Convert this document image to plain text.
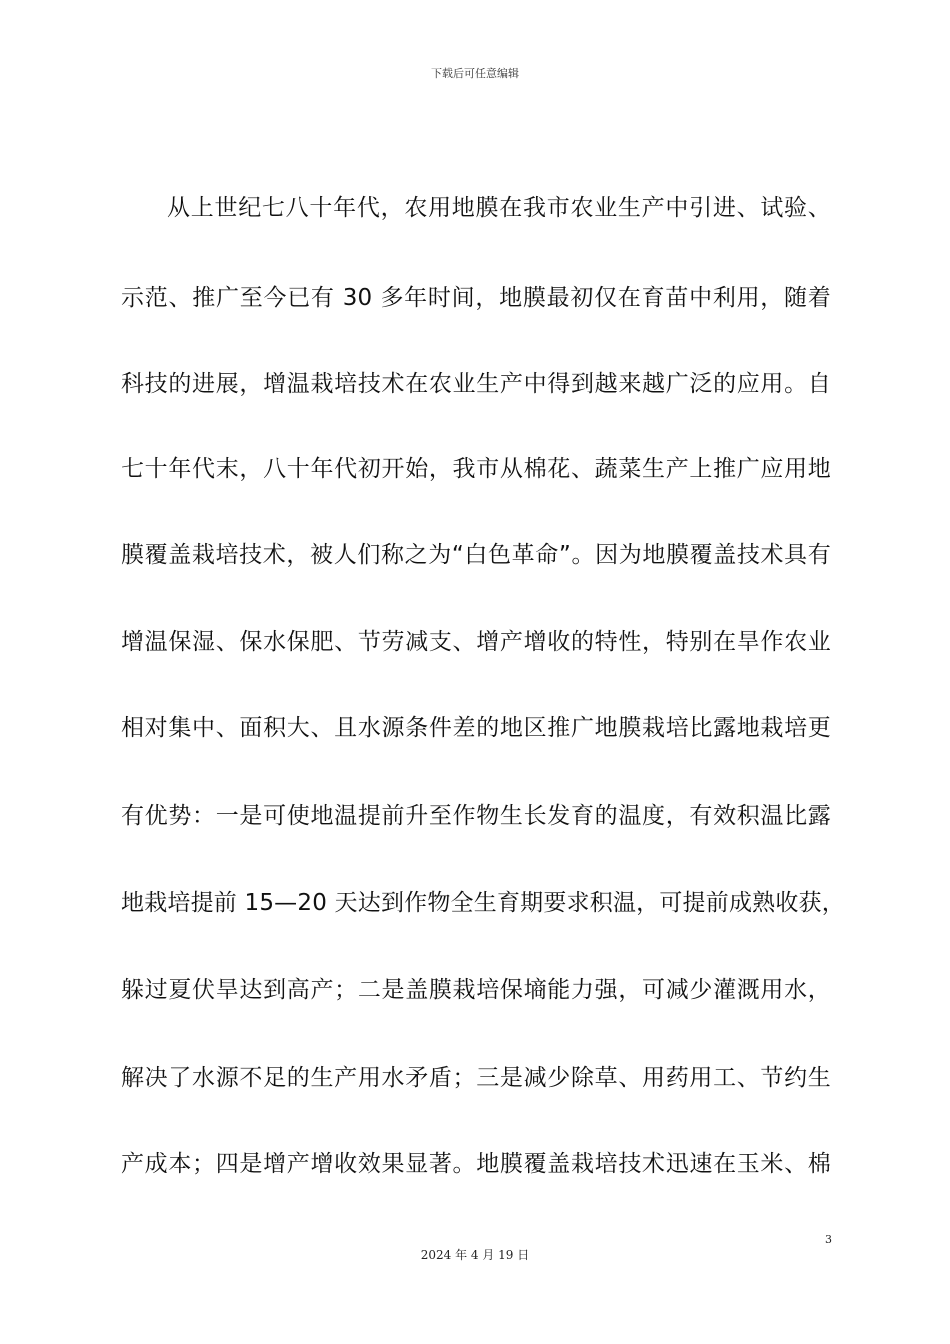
下载后可任意编辑
从上世纪七八十年代，农用地膜在我市农业生产中引进、试验、
示范、推广至今已有 30 多年时间，地膜最初仅在育苗中利用，随着
科技的进展，增温栽培技术在农业生产中得到越来越广泛的应用。自
七十年代末，八十年代初开始，我市从棉花、蔬菜生产上推广应用地
膜覆盖栽培技术，被人们称之为“白色革命”。因为地膜覆盖技术具有
增温保湿、保水保肥、节劳减支、增产增收的特性，特别在旱作农业
相对集中、面积大、且水源条件差的地区推广地膜栽培比露地栽培更
有优势：一是可使地温提前升至作物生长发育的温度，有效积温比露
地栽培提前 15—20 天达到作物全生育期要求积温，可提前成熟收获，
躲过夏伏旱达到高产；二是盖膜栽培保墒能力强，可减少灌溉用水，
解决了水源不足的生产用水矛盾；三是减少除草、用药用工、节约生
产成本；四是增产增收效果显著。地膜覆盖栽培技术迅速在玉米、棉
3
2024 年 4 月 19 日
